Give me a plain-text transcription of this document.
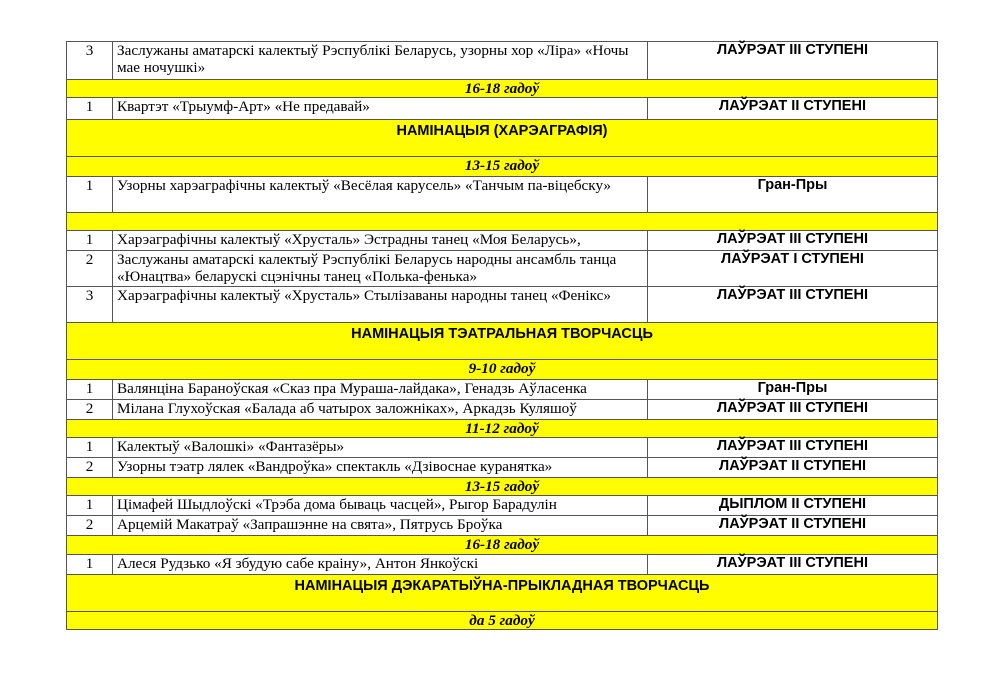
3	Заслужаны аматарскі калектыў Рэспублікі Беларусь, узорны хор «Ліра» «Ночы мае ночушкі»	ЛАЎРЭАТ ІІІ СТУПЕНІ
16-18 гадоў		
1	Квартэт «Трыумф-Арт» «Не предавай»	ЛАЎРЭАТ ІІ СТУПЕНІ
НАМІНАЦЫЯ (ХАРЭАГРАФІЯ)		
13-15 гадоў		
1	Узорны харэаграфічны калектыў «Весёлая карусель» «Танчым па-віцебску»	Гран-Пры

1	Харэаграфічны калектыў «Хрусталь» Эстрадны танец «Моя Беларусь»,	ЛАЎРЭАТ ІІІ СТУПЕНІ
2	Заслужаны аматарскі калектыў Рэспублікі Беларусь народны ансамбль танца «Юнацтва» беларускі сцэнічны танец «Полька-фенька»	ЛАЎРЭАТ І СТУПЕНІ
3	Харэаграфічны калектыў «Хрусталь» Стылізаваны народны танец «Фенікс»	ЛАЎРЭАТ ІІІ СТУПЕНІ
НАМІНАЦЫЯ ТЭАТРАЛЬНАЯ ТВОРЧАСЦЬ		
9-10 гадоў		
1	Валянціна Бараноўская «Сказ пра Мураша-лайдака», Генадзь Аўласенка	Гран-Пры
2	Мілана Глухоўская «Балада аб чатырох заложніках», Аркадзь Куляшоў	ЛАЎРЭАТ ІІІ СТУПЕНІ
11-12 гадоў		
1	Калектыў «Валошкі» «Фантазёры»	ЛАЎРЭАТ ІІІ СТУПЕНІ
2	Узорны тэатр лялек «Вандроўка» спектакль «Дзівоснае куранятка»	ЛАЎРЭАТ ІІ СТУПЕНІ
13-15 гадоў		
1	Цімафей Шыдлоўскі «Трэба дома бываць часцей», Рыгор Барадулін	ДЫПЛОМ ІІ СТУПЕНІ
2	Арцемій Макатраў «Запрашэнне на свята», Пятрусь Броўка	ЛАЎРЭАТ ІІ СТУПЕНІ
16-18 гадоў		
1	Алеся Рудзько «Я збудую сабе краіну», Антон Янкоўскі	ЛАЎРЭАТ ІІІ СТУПЕНІ
НАМІНАЦЫЯ ДЭКАРАТЫЎНА-ПРЫКЛАДНАЯ ТВОРЧАСЦЬ		
да 5 гадоў		
